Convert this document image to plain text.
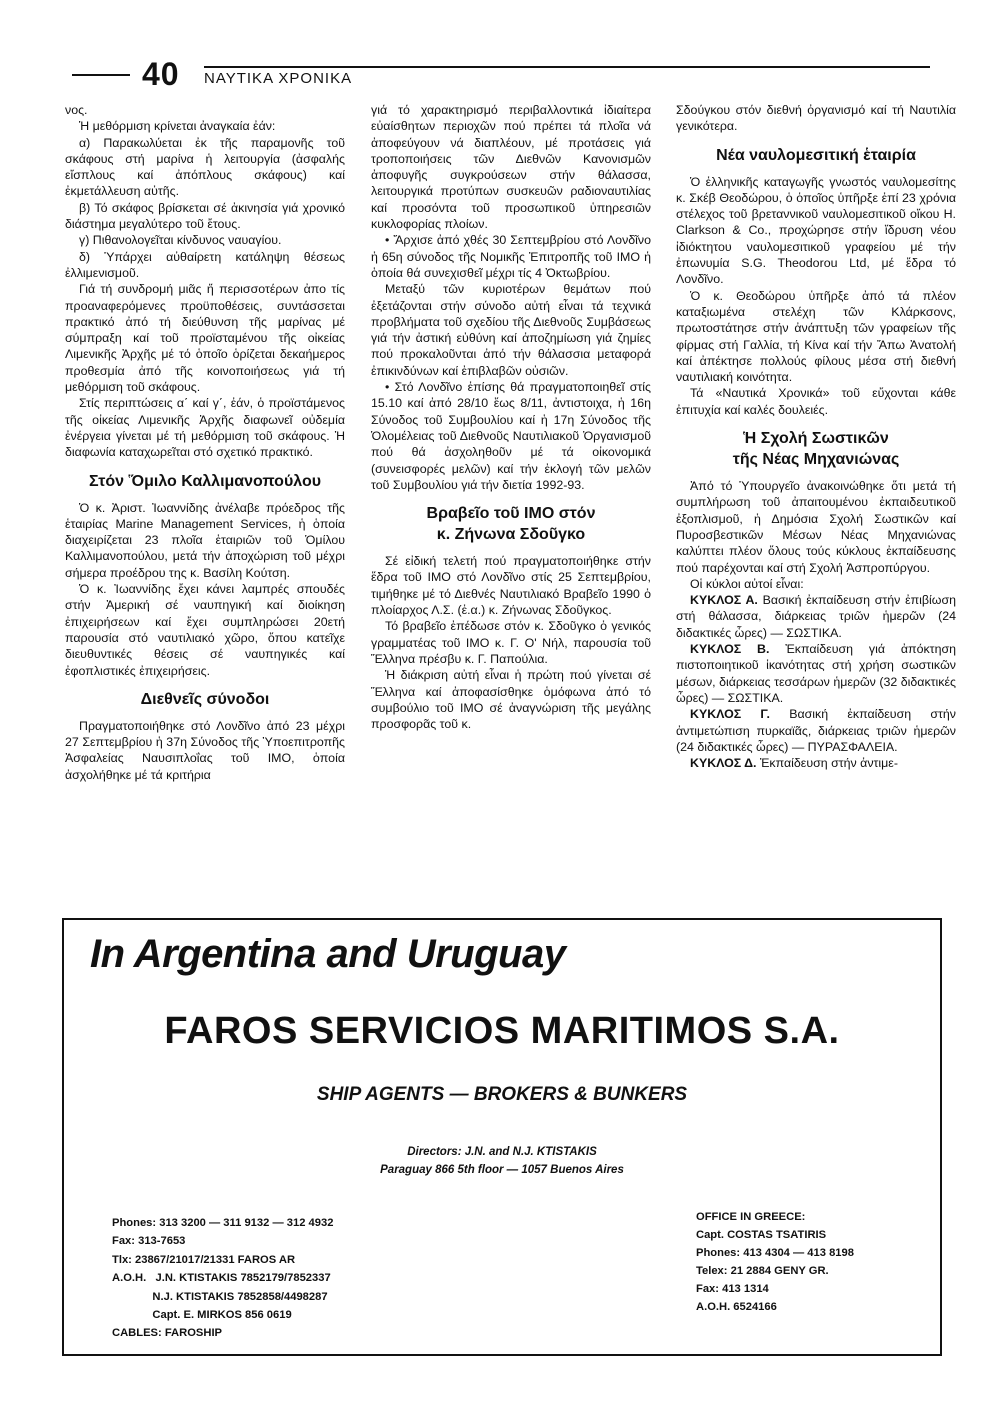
40 ΝΑΥΤΙΚΑ ΧΡΟΝΙΚΑ

νος.

Ἡ μεθόρμιση κρίνεται ἀναγκαία ἐάν:

α) Παρακωλύεται ἐκ τῆς παραμονῆς τοῦ σκάφους στή μαρίνα ἡ λειτουργία (ἀσφαλής εἴσπλους καί ἀπόπλους σκάφους) καί ἐκμετάλλευση αὐτῆς.

β) Τό σκάφος βρίσκεται σέ ἀκινησία γιά χρονικό διάστημα μεγαλύτερο τοῦ ἔτους.

γ) Πιθανολογεῖται κίνδυνος ναυαγίου.

δ) Ὑπάρχει αὐθαίρετη κατάληψη θέσεως ἐλλιμενισμοῦ.

Γιά τή συνδρομή μιᾶς ἤ περισσοτέρων ἀπο τίς προαναφερόμενες προϋποθέσεις, συντάσσεται πρακτικό ἀπό τή διεύθυνση τῆς μαρίνας μέ σύμπραξη καί τοῦ προϊσταμένου τῆς οἰκείας Λιμενικῆς Ἀρχῆς μέ τό ὁποῖο ὁρίζεται δεκαήμερος προθεσμία ἀπό τῆς κοινοποιήσεως γιά τή μεθόρμιση τοῦ σκάφους.

Στίς περιπτώσεις α΄ καί γ΄, ἐάν, ὁ προϊστάμενος τῆς οἰκείας Λιμενικῆς Ἀρχῆς διαφωνεῖ οὐδεμία ἐνέργεια γίνεται μέ τή μεθόρμιση τοῦ σκάφους. Ἡ διαφωνία καταχωρεῖται στό σχετικό πρακτικό.

Στόν Ὅμιλο Καλλιμανοπούλου

Ὁ κ. Ἀριστ. Ἰωαννίδης ἀνέλαβε πρόεδρος τῆς ἑταιρίας Marine Management Services, ἡ ὁποία διαχειρίζεται 23 πλοῖα ἑταιριῶν τοῦ Ὁμίλου Καλλιμανοπούλου, μετά τήν ἀποχώριση τοῦ μέχρι σήμερα προέδρου της κ. Βασίλη Κούτση.

Ὁ κ. Ἰωαννίδης ἔχει κάνει λαμπρές σπουδές στήν Ἀμερική σέ ναυπηγική καί διοίκηση ἐπιχειρήσεων καί ἔχει συμπληρώσει 20ετή παρουσία στό ναυτιλιακό χῶρο, ὅπου κατεῖχε διευθυντικές θέσεις σέ ναυπηγικές καί ἐφοπλιστικές ἐπιχειρήσεις.

Διεθνεῖς σύνοδοι

Πραγματοποιήθηκε στό Λονδῖνο ἀπό 23 μέχρι 27 Σεπτεμβρίου ἡ 37η Σύνοδος τῆς Ὑποεπιτροπῆς Ἀσφαλείας Ναυσιπλοΐας τοῦ ΙΜΟ, ὁποία ἀσχολήθηκε μέ τά κριτήρια

γιά τό χαρακτηρισμό περιβαλλοντικά ἰδιαίτερα εὐαίσθητων περιοχῶν πού πρέπει τά πλοῖα νά ἀποφεύγουν νά διαπλέουν, μέ προτάσεις γιά τροποποιήσεις τῶν Διεθνῶν Κανονισμῶν ἀποφυγῆς συγκρούσεων στήν θάλασσα, λειτουργικά προτύπων συσκευῶν ραδιοναυτιλίας καί προσόντα τοῦ προσωπικοῦ ὑπηρεσιῶν κυκλοφορίας πλοίων.

• Ἄρχισε ἀπό χθές 30 Σεπτεμβρίου στό Λονδῖνο ἡ 65η σύνοδος τῆς Νομικῆς Ἐπιτροπῆς τοῦ ΙΜΟ ἡ ὁποία θά συνεχισθεῖ μέχρι τίς 4 Ὀκτωβρίου.

Μεταξύ τῶν κυριοτέρων θεμάτων πού ἐξετάζονται στήν σύνοδο αὐτή εἶναι τά τεχνικά προβλήματα τοῦ σχεδίου τῆς Διεθνοῦς Συμβάσεως γιά τήν ἀστική εὐθύνη καί ἀποζημίωση γιά ζημίες πού προκαλοῦνται ἀπό τήν θάλασσια μεταφορά ἐπικινδύνων καί ἐπιβλαβῶν οὐσιῶν.

• Στό Λονδῖνο ἐπίσης θά πραγματοποιηθεῖ στίς 15.10 καί ἀπό 28/10 ἕως 8/11, ἀντιστοιχα, ἡ 16η Σύνοδος τοῦ Συμβουλίου καί ἡ 17η Σύνοδος τῆς Ὁλομέλειας τοῦ Διεθνοῦς Ναυτιλιακοῦ Ὀργανισμοῦ πού θά ἀσχοληθοῦν μέ τά οἰκονομικά (συνεισφορές μελῶν) καί τήν ἐκλογή τῶν μελῶν τοῦ Συμβουλίου γιά τήν διετία 1992-93.

Βραβεῖο τοῦ ΙΜΟ στόν
κ. Ζήνωνα Σδοῦγκο

Σέ εἰδική τελετή πού πραγματοποιήθηκε στήν ἕδρα τοῦ ΙΜΟ στό Λονδῖνο στίς 25 Σεπτεμβρίου, τιμήθηκε μέ τό Διεθνές Ναυτιλιακό Βραβεῖο 1990 ὁ πλοίαρχος Λ.Σ. (ἐ.α.) κ. Ζήνωνας Σδοῦγκος.

Τό βραβεῖο ἐπέδωσε στόν κ. Σδοῦγκο ὁ γενικός γραμματέας τοῦ ΙΜΟ κ. Γ. Ο' Νήλ, παρουσία τοῦ Ἕλληνα πρέσβυ κ. Γ. Παπούλια.

Ἡ διάκριση αὐτή εἶναι ἡ πρώτη πού γίνεται σέ Ἕλληνα καί ἀποφασίσθηκε ὁμόφωνα ἀπό τό συμβούλιο τοῦ ΙΜΟ σέ ἀναγνώριση τῆς μεγάλης προσφορᾶς τοῦ κ.

Σδούγκου στόν διεθνή ὀργανισμό καί τή Ναυτιλία γενικότερα.

Νέα ναυλομεσιτική ἑταιρία

Ὁ ἑλληνικῆς καταγωγῆς γνωστός ναυλομεσίτης κ. Σκέβ Θεοδώρου, ὁ ὁποῖος ὑπῆρξε ἐπί 23 χρόνια στέλεχος τοῦ βρεταννικοῦ ναυλομεσιτικοῦ οἴκου Η. Clarkson & Co., προχώρησε στήν ἵδρυση νέου ἰδιόκτητου ναυλομεσιτικοῦ γραφείου μέ τήν ἐπωνυμία S.G. Theodorou Ltd, μέ ἕδρα τό Λονδῖνο.

Ὁ κ. Θεοδώρου ὑπῆρξε ἀπό τά πλέον καταξιωμένα στελέχη τῶν Κλάρκσονς, πρωτοστάτησε στήν ἀνάπτυξη τῶν γραφείων τῆς φίρμας στή Γαλλία, τή Κίνα καί τήν Ἄπω Ἀνατολή καί ἀπέκτησε πολλούς φίλους μέσα στή διεθνή ναυτιλιακή κοινότητα.

Τά «Ναυτικά Χρονικά» τοῦ εὔχονται κάθε ἐπιτυχία καί καλές δουλειές.

Ἡ Σχολή Σωστικῶν
τῆς Νέας Μηχανιώνας

Ἀπό τό Ὑπουργεῖο ἀνακοινώθηκε ὅτι μετά τή συμπλήρωση τοῦ ἀπαιτουμένου ἐκπαιδευτικοῦ ἐξοπλισμοῦ, ἡ Δημόσια Σχολή Σωστικῶν καί Πυροσβεστικῶν Μέσων Νέας Μηχανιώνας καλύπτει πλέον ὅλους τούς κύκλους ἐκπαίδευσης πού παρέχονται καί στή Σχολή Ἀσπροπύργου.

Οἱ κύκλοι αὐτοί εἶναι:

ΚΥΚΛΟΣ Α. Βασική ἐκπαίδευση στήν ἐπιβίωση στή θάλασσα, διάρκειας τριῶν ἡμερῶν (24 διδακτικές ὧρες) — ΣΩΣΤΙΚΑ.

ΚΥΚΛΟΣ Β. Ἐκπαίδευση γιά ἀπόκτηση πιστοποιητικοῦ ἱκανότητας στή χρήση σωστικῶν μέσων, διάρκειας τεσσάρων ἡμερῶν (32 διδακτικές ὧρες) — ΣΩΣΤΙΚΑ.

ΚΥΚΛΟΣ Γ. Βασική ἐκπαίδευση στήν ἀντιμετώπιση πυρκαϊᾶς, διάρκειας τριῶν ἡμερῶν (24 διδακτικές ὧρες) — ΠΥΡΑΣΦΑΛΕΙΑ.

ΚΥΚΛΟΣ Δ. Ἐκπαίδευση στήν ἀντιμε-

In Argentina and Uruguay
FAROS SERVICIOS MARITIMOS S.A.
SHIP AGENTS — BROKERS & BUNKERS
Directors: J.N. and N.J. KTISTAKIS
Paraguay 866 5th floor — 1057 Buenos Aires
Phones: 313 3200 — 311 9132 — 312 4932
Fax: 313-7653
Tlx: 23867/21017/21331 FAROS AR
A.O.H.   J.N. KTISTAKIS 7852179/7852337
N.J. KTISTAKIS 7852858/4498287
Capt. E. MIRKOS 856 0619
CABLES: FAROSHIP
OFFICE IN GREECE:
Capt. COSTAS TSATIRIS
Phones: 413 4304 — 413 8198
Telex: 21 2884 GENY GR.
Fax: 413 1314
A.O.H. 6524166
